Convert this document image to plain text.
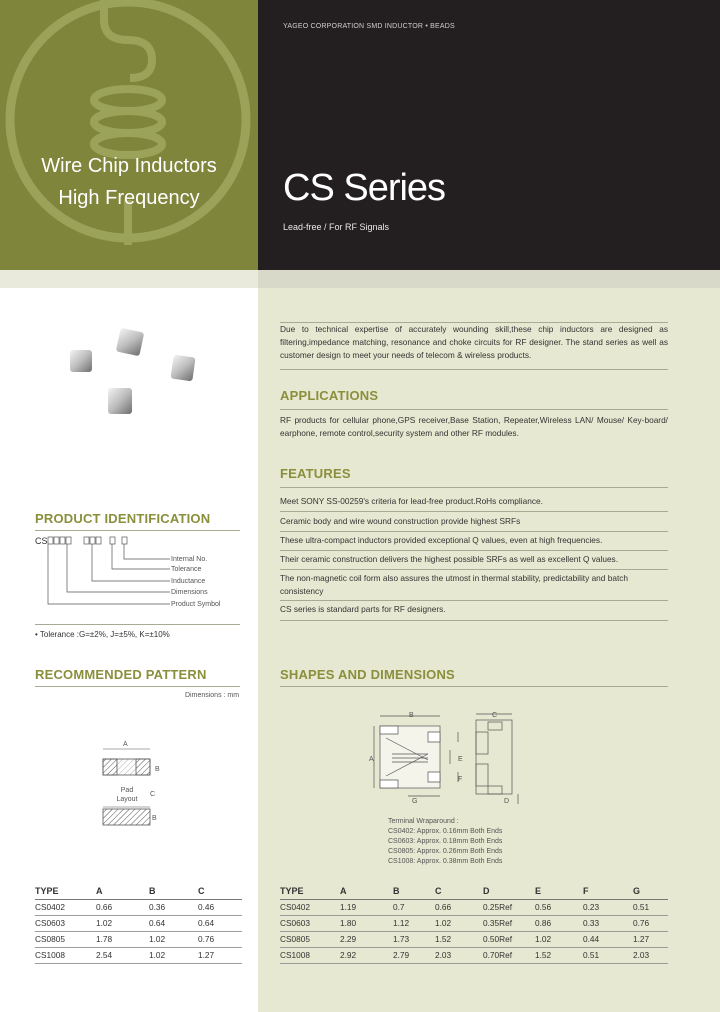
Wire Chip Inductors
High Frequency
YAGEO CORPORATION SMD INDUCTOR • BEADS
CS Series
Lead-free / For RF Signals
Due to technical expertise of accurately wounding skill,these chip inductors are designed as filtering,impedance matching, resonance and choke circuits for RF designer. The stand series as well as customer design to meet your needs of telecom & wireless products.
APPLICATIONS
RF products for cellular phone,GPS receiver,Base Station, Repeater,Wireless LAN/ Mouse/ Key-board/ earphone, remote control,security system and other RF modules.
FEATURES
Meet SONY SS-00259's criteria for lead-free product.RoHs compliance.
Ceramic body and wire wound construction provide highest SRFs
These ultra-compact inductors provided exceptional Q values, even at high frequencies.
Their ceramic construction delivers the highest possible SRFs as well as excellent Q values.
The non-magnetic coil form also assures the utmost in thermal stability, predictability and batch consistency
CS series is standard parts for RF designers.
PRODUCT IDENTIFICATION
CS
Internal No.
Tolerance
Inductance
Dimensions
Product Symbol
• Tolerance :G=±2%, J=±5%, K=±10%
RECOMMENDED PATTERN
Dimensions : mm
A
B
Pad Layout
C
B
TYPE	A	B	C
CS0402	0.66	0.36	0.46
CS0603	1.02	0.64	0.64
CS0805	1.78	1.02	0.76
CS1008	2.54	1.02	1.27
SHAPES AND DIMENSIONS
B	C
A	E
F
G	D
Terminal Wraparound :
CS0402: Approx. 0.16mm Both Ends
CS0603: Approx. 0.18mm Both Ends
CS0805: Approx. 0.26mm Both Ends
CS1008: Approx. 0.38mm Both Ends
TYPE	A	B	C	D	E	F	G
CS0402	1.19	0.7	0.66	0.25Ref	0.56	0.23	0.51
CS0603	1.80	1.12	1.02	0.35Ref	0.86	0.33	0.76
CS0805	2.29	1.73	1.52	0.50Ref	1.02	0.44	1.27
CS1008	2.92	2.79	2.03	0.70Ref	1.52	0.51	2.03
